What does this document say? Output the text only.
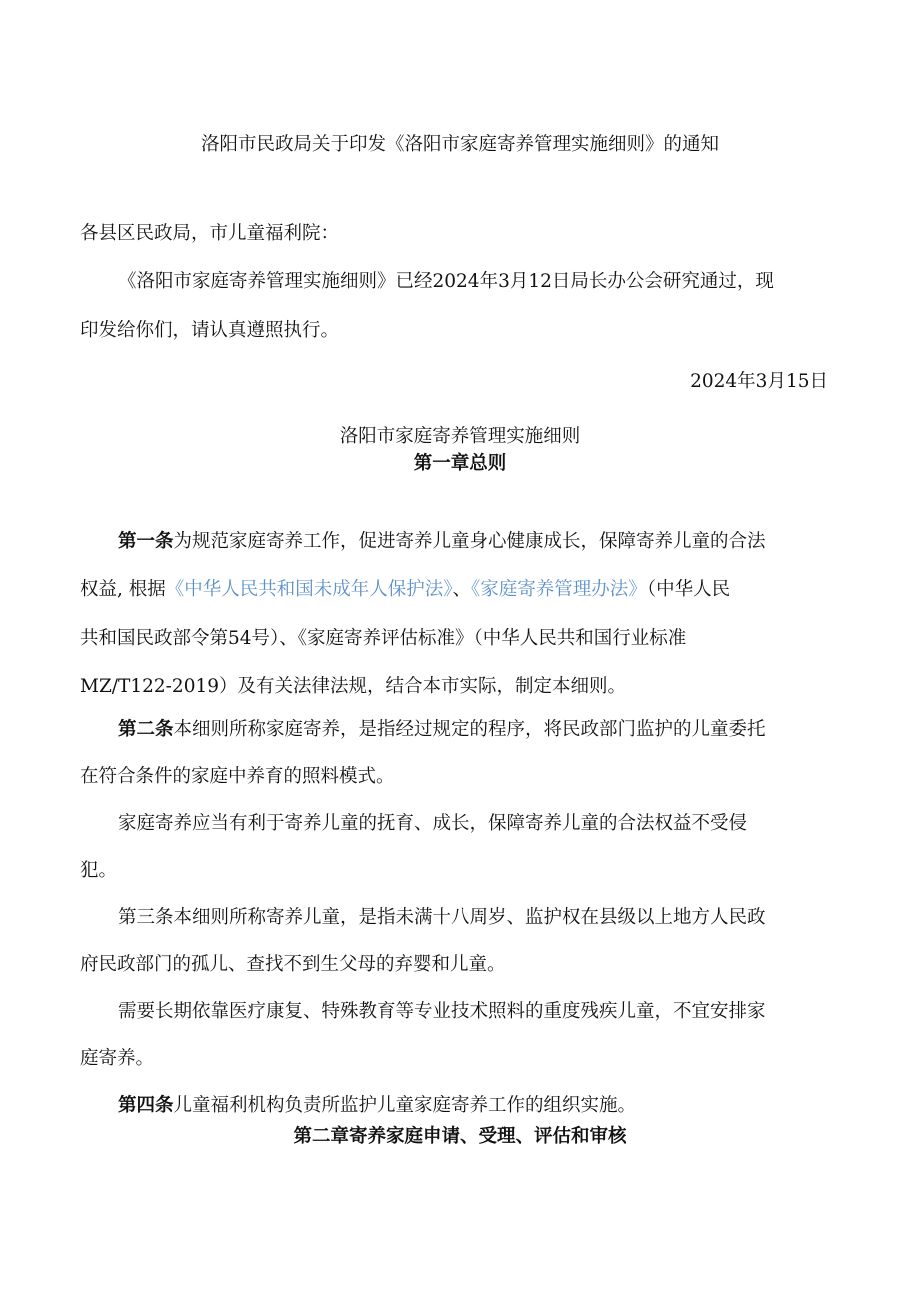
洛阳市民政局关于印发《洛阳市家庭寄养管理实施细则》的通知
各县区民政局，市儿童福利院：
《洛阳市家庭寄养管理实施细则》已经2024年3月12日局长办公会研究通过，现
印发给你们，请认真遵照执行。
2024年3月15日
洛阳市家庭寄养管理实施细则
第一章总则
第一条为规范家庭寄养工作，促进寄养儿童身心健康成长，保障寄养儿童的合法
权益, 根据《中华人民共和国未成年人保护法》、《家庭寄养管理办法》（中华人民
共和国民政部令第54号）、《家庭寄养评估标准》（中华人民共和国行业标准
MZ/T122-2019）及有关法律法规，结合本市实际，制定本细则。
第二条本细则所称家庭寄养，是指经过规定的程序，将民政部门监护的儿童委托
在符合条件的家庭中养育的照料模式。
家庭寄养应当有利于寄养儿童的抚育、成长，保障寄养儿童的合法权益不受侵
犯。
第三条本细则所称寄养儿童，是指未满十八周岁、监护权在县级以上地方人民政
府民政部门的孤儿、查找不到生父母的弃婴和儿童。
需要长期依靠医疗康复、特殊教育等专业技术照料的重度残疾儿童，不宜安排家
庭寄养。
第四条儿童福利机构负责所监护儿童家庭寄养工作的组织实施。
第二章寄养家庭申请、受理、评估和审核
